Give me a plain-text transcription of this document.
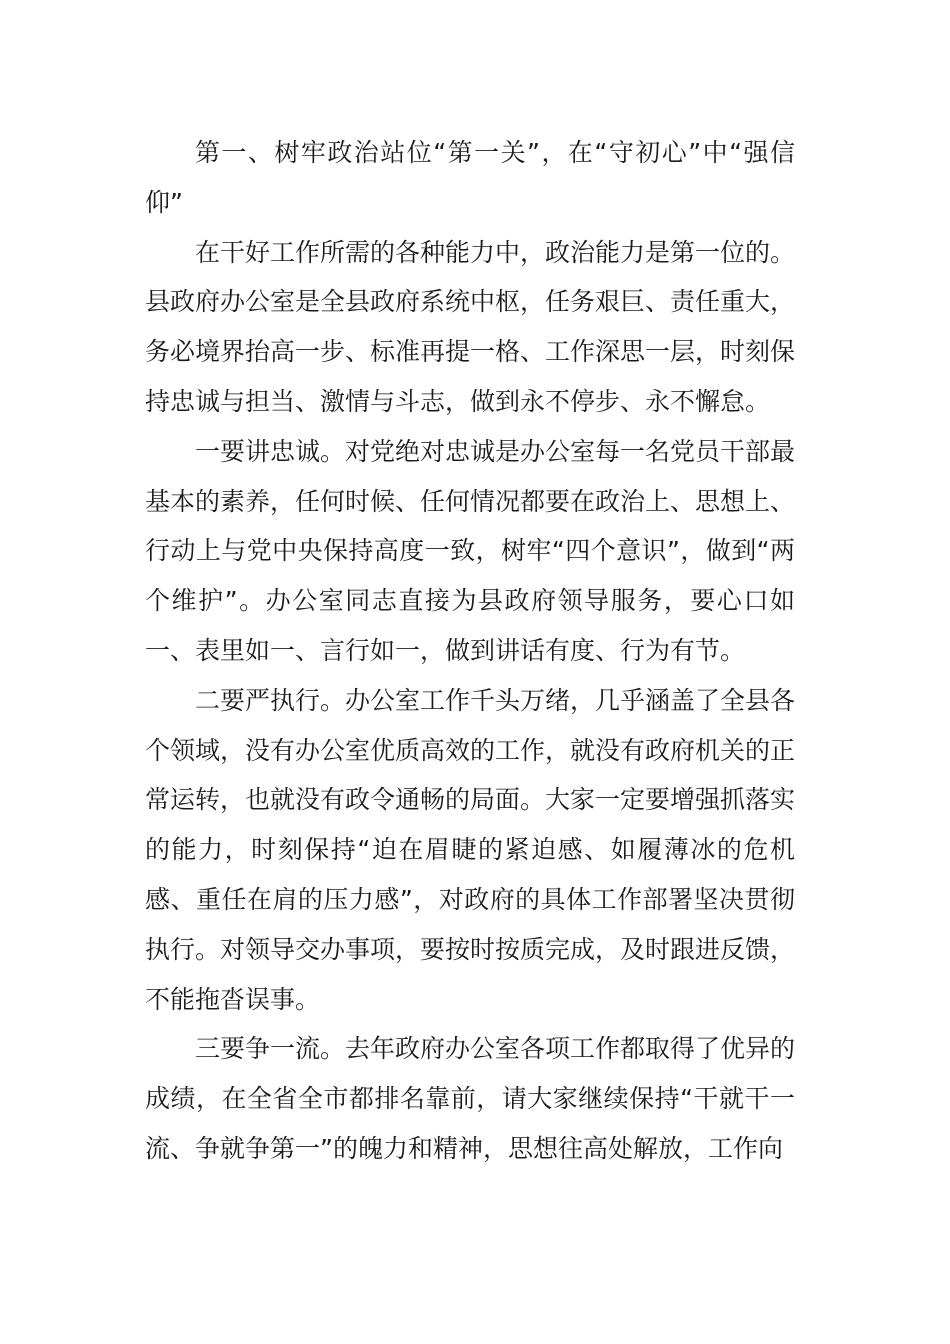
第一、树牢政治站位“第一关”，在“守初心”中“强信仰”

在干好工作所需的各种能力中，政治能力是第一位的。县政府办公室是全县政府系统中枢，任务艰巨、责任重大，务必境界抬高一步、标准再提一格、工作深思一层，时刻保持忠诚与担当、激情与斗志，做到永不停步、永不懈怠。

一要讲忠诚。对党绝对忠诚是办公室每一名党员干部最基本的素养，任何时候、任何情况都要在政治上、思想上、行动上与党中央保持高度一致，树牢“四个意识”，做到“两个维护”。办公室同志直接为县政府领导服务，要心口如一、表里如一、言行如一，做到讲话有度、行为有节。

二要严执行。办公室工作千头万绪，几乎涵盖了全县各个领域，没有办公室优质高效的工作，就没有政府机关的正常运转，也就没有政令通畅的局面。大家一定要增强抓落实的能力，时刻保持“迫在眉睫的紧迫感、如履薄冰的危机感、重任在肩的压力感”，对政府的具体工作部署坚决贯彻执行。对领导交办事项，要按时按质完成，及时跟进反馈，不能拖沓误事。

三要争一流。去年政府办公室各项工作都取得了优异的成绩，在全省全市都排名靠前，请大家继续保持“干就干一流、争就争第一”的魄力和精神，思想往高处解放，工作向
